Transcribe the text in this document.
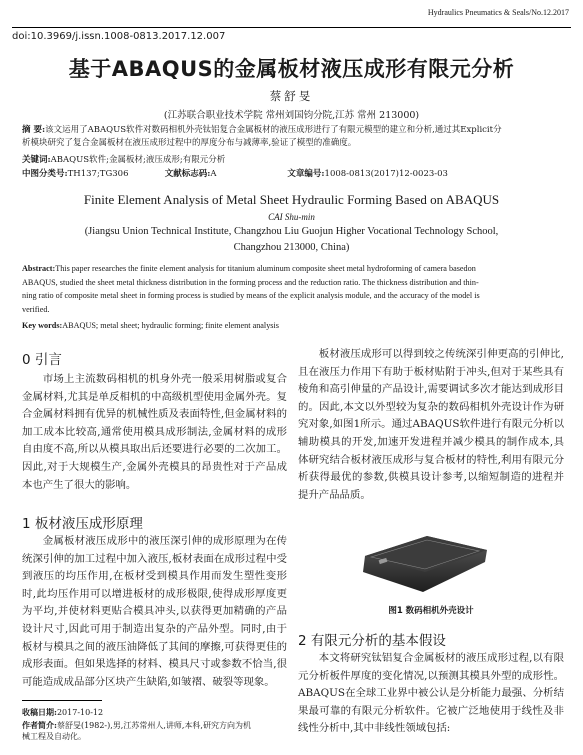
Hydraulics Pneumatics & Seals/No.12.2017
doi:10.3969/j.issn.1008-0813.2017.12.007
基于ABAQUS的金属板材液压成形有限元分析
蔡舒旻
(江苏联合职业技术学院 常州刘国钧分院,江苏 常州 213000)
摘 要:该文运用了ABAQUS软件对数码相机外壳钛铝复合金属板材的液压成形进行了有限元模型的建立和分析,通过其Explicit分
析模块研究了复合金属板材在液压成形过程中的厚度分布与减薄率,验证了模型的准确度。
关键词:ABAQUS软件;金属板材;液压成形;有限元分析
中图分类号:TH137;TG306	文献标志码:A	文章编号:1008-0813(2017)12-0023-03
Finite Element Analysis of Metal Sheet Hydraulic Forming Based on ABAQUS
CAI Shu-min
(Jiangsu Union Technical Institute, Changzhou Liu Guojun Higher Vocational Technology School,
Changzhou 213000, China)
Abstract:This paper researches the finite element analysis for titanium aluminum composite sheet metal hydroforming of camera basedon
ABAQUS, studied the sheet metal thickness distribution in the forming process and the reduction ratio. The thickness distribution and thin-
ning ratio of composite metal sheet in forming process is studied by means of the explicit analysis module, and the accuracy of the model is
verified.
Key words:ABAQUS; metal sheet; hydraulic forming; finite element analysis
0 引言

市场上主流数码相机的机身外壳一般采用树脂或复合金属材料,尤其是单反相机的中高级机型使用金属外壳。复合金属材料拥有优异的机械性质及表面特性,但金属材料的加工成本比较高,通常使用模具成形制法,金属材料的成形自由度不高,所以从模具取出后还要进行必要的二次加工。因此,对于大规模生产,金属外壳模具的昂贵性对于产品成本也产生了很大的影响。

1 板材液压成形原理

金属板材液压成形中的液压深引伸的成形原理为在传统深引伸的加工过程中加入液压,板材表面在成形过程中受到液压的均压作用,在板材受到模具作用而发生塑性变形时,此均压作用可以增进板材的成形极限,使得成形厚度更为平均,并使材料更贴合模具冲头,以获得更加精确的产品设计尺寸,因此可用于制造出复杂的产品外型。同时,由于板材与模具之间的液压油降低了其间的摩擦,可获得更佳的成形表面。但如果选择的材料、模具尺寸或参数不恰当,很可能造成成品部分区块产生缺陷,如皱褶、破裂等现象。

板材液压成形可以得到较之传统深引伸更高的引伸比,且在液压力作用下有助于板材贴附于冲头,但对于某些具有棱角和高引伸量的产品设计,需要调试多次才能达到成形目的。因此,本文以外型较为复杂的数码相机外壳设计作为研究对象,如图1所示。通过ABAQUS软件进行有限元分析以辅助模具的开发,加速开发进程并减少模具的制作成本,具体研究结合板材液压成形与复合板材的特性,利用有限元分析获得最优的参数,供模具设计参考,以缩短制造的进程并提升产品品质。

图1 数码相机外壳设计
2 有限元分析的基本假设

本文将研究钛铝复合金属板材的液压成形过程,以有限元分析板件厚度的变化情况,以预测其模具外型的成形性。ABAQUS在全球工业界中被公认是分析能力最强、分析结果最可靠的有限元分析软件。它被广泛地使用于线性及非线性分析中,其中非线性领域包括:

收稿日期:2017-10-12
作者简介:蔡舒旻(1982-),男,江苏常州人,讲师,本科,研究方向为机
械工程及自动化。
